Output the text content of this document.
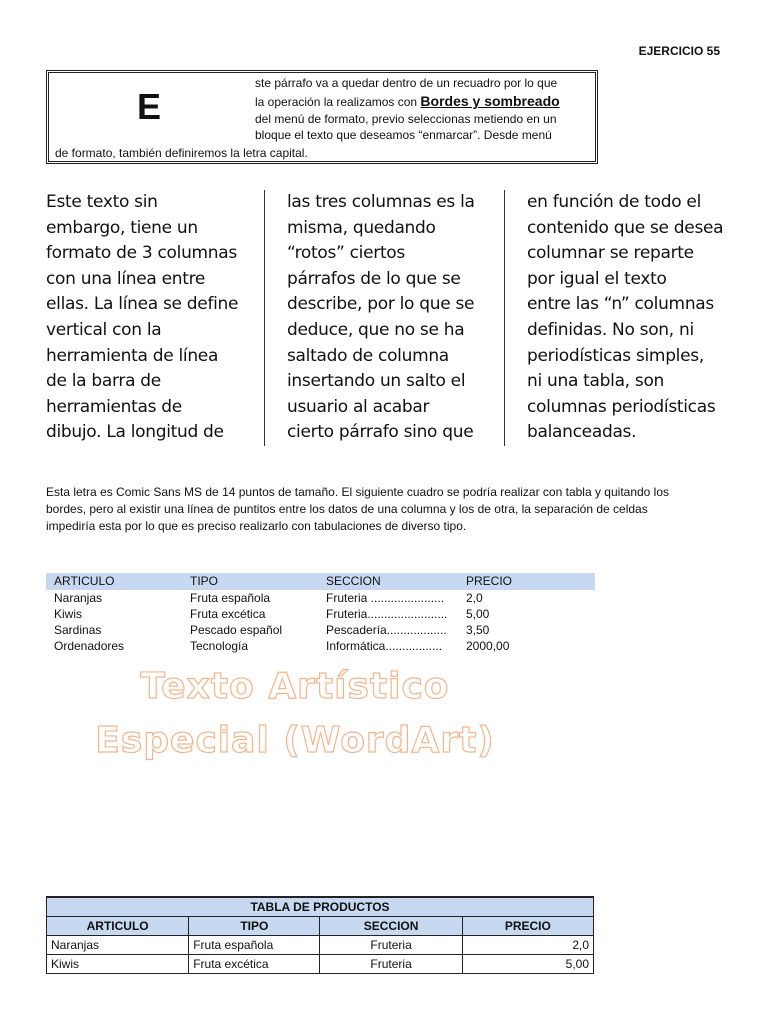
EJERCICIO 55
E
ste párrafo va a quedar dentro de un recuadro por lo que
la operación la realizamos con Bordes y sombreado
del menú de formato, previo seleccionas metiendo en un
bloque el texto que deseamos “enmarcar”. Desde menú
de formato, también definiremos la letra capital.
Este texto sin
embargo, tiene un
formato de 3 columnas
con una línea entre
ellas. La línea se define
vertical con la
herramienta de línea
de la barra de
herramientas de
dibujo. La longitud de
las tres columnas es la
misma, quedando
“rotos” ciertos
párrafos de lo que se
describe, por lo que se
deduce, que no se ha
saltado de columna
insertando un salto el
usuario al acabar
cierto párrafo sino que
en función de todo el
contenido que se desea
columnar se reparte
por igual el texto
entre las “n” columnas
definidas. No son, ni
periodísticas simples,
ni una tabla, son
columnas periodísticas
balanceadas.
Esta letra es Comic Sans MS de 14 puntos de tamaño. El siguiente cuadro se podría realizar con tabla y quitando los
bordes, pero al existir una línea de puntitos entre los datos de una columna y los de otra, la separación de celdas
impediría esta por lo que es preciso realizarlo con tabulaciones de diverso tipo.
ARTICULO	TIPO	SECCION	PRECIO
Naranjas	Fruta española	Fruteria ...................... 2,0
Kiwis	Fruta excética	Fruteria........................ 5,00
Sardinas	Pescado español	Pescadería.................. 3,50
Ordenadores	Tecnología	Informática................. 2000,00
Texto Artístico
Especial (WordArt)
TABLA DE PRODUCTOS			
ARTICULO	TIPO	SECCION	PRECIO
Naranjas	Fruta española	Fruteria	2,0
Kiwis	Fruta excética	Fruteria	5,00
